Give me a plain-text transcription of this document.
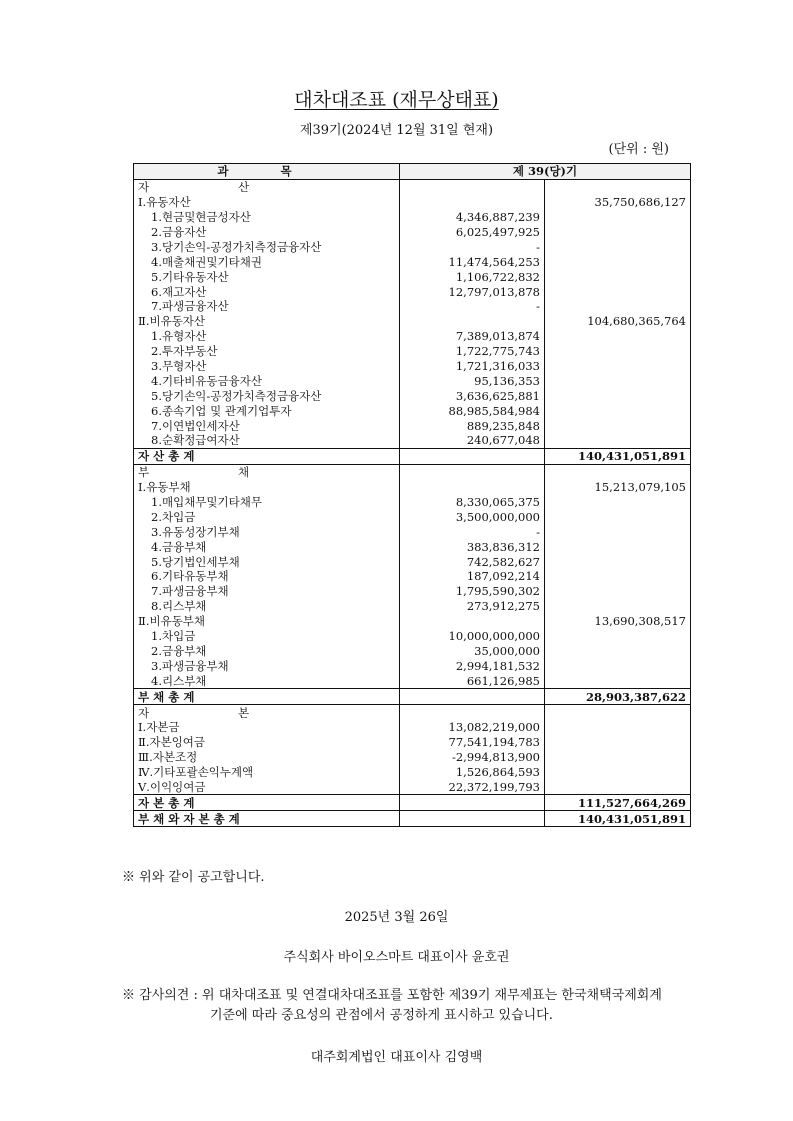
대차대조표 (재무상태표)
제39기(2024년 12월 31일 현재)
(단위 : 원)
과 목	제 39(당)기	
자 산		
Ⅰ.유동자산		35,750,686,127
1.현금및현금성자산	4,346,887,239	
2.금융자산	6,025,497,925	
3.당기손익-공정가치측정금융자산	-	
4.매출채권및기타채권	11,474,564,253	
5.기타유동자산	1,106,722,832	
6.재고자산	12,797,013,878	
7.파생금융자산	-	
Ⅱ.비유동자산		104,680,365,764
1.유형자산	7,389,013,874	
2.투자부동산	1,722,775,743	
3.무형자산	1,721,316,033	
4.기타비유동금융자산	95,136,353	
5.당기손익-공정가치측정금융자산	3,636,625,881	
6.종속기업 및 관계기업투자	88,985,584,984	
7.이연법인세자산	889,235,848	
8.순확정급여자산	240,677,048	
자 산 총 계		140,431,051,891
부 채		
Ⅰ.유동부채		15,213,079,105
1.매입채무및기타채무	8,330,065,375	
2.차입금	3,500,000,000	
3.유동성장기부채	-	
4.금융부채	383,836,312	
5.당기법인세부채	742,582,627	
6.기타유동부채	187,092,214	
7.파생금융부채	1,795,590,302	
8.리스부채	273,912,275	
Ⅱ.비유동부채		13,690,308,517
1.차입금	10,000,000,000	
2.금융부채	35,000,000	
3.파생금융부채	2,994,181,532	
4.리스부채	661,126,985	
부 채 총 계		28,903,387,622
자 본		
Ⅰ.자본금	13,082,219,000	
Ⅱ.자본잉여금	77,541,194,783	
Ⅲ.자본조정	-2,994,813,900	
Ⅳ.기타포괄손익누계액	1,526,864,593	
Ⅴ.이익잉여금	22,372,199,793	
자 본 총 계		111,527,664,269
부 채 와 자 본 총 계		140,431,051,891
※ 위와 같이 공고합니다.
2025년 3월 26일
주식회사 바이오스마트 대표이사 윤호권
※ 감사의견 : 위 대차대조표 및 연결대차대조표를 포함한 제39기 재무제표는 한국채택국제회계
기준에 따라 중요성의 관점에서 공정하게 표시하고 있습니다.
대주회계법인 대표이사 김영백
